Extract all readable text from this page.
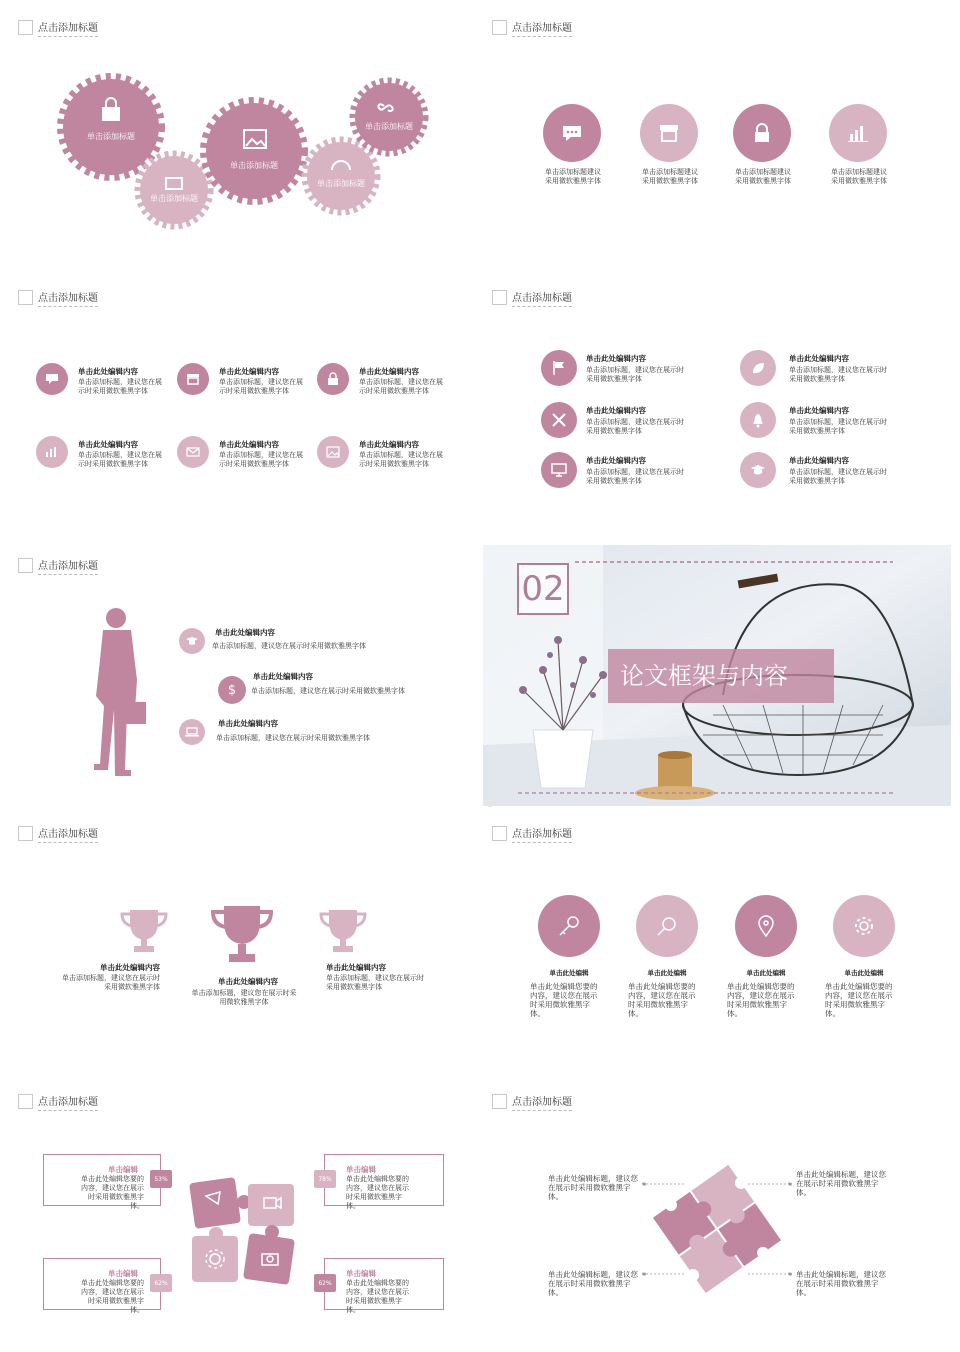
点击添加标题
单击添加标题
单击添加标题
单击添加标题
单击添加标题
单击添加标题
点击添加标题
单击添加标题建议采用微软雅黑字体
单击添加标题建议采用微软雅黑字体
单击添加标题建议采用微软雅黑字体
单击添加标题建议采用微软雅黑字体
点击添加标题
单击此处编辑内容
单击添加标题，建议您在展示时采用微软雅黑字体
单击此处编辑内容
单击添加标题，建议您在展示时采用微软雅黑字体
单击此处编辑内容
单击添加标题，建议您在展示时采用微软雅黑字体
单击此处编辑内容
单击添加标题，建议您在展示时采用微软雅黑字体
单击此处编辑内容
单击添加标题，建议您在展示时采用微软雅黑字体
单击此处编辑内容
单击添加标题，建议您在展示时采用微软雅黑字体
点击添加标题
单击此处编辑内容
单击添加标题，建议您在展示时采用微软雅黑字体
单击此处编辑内容
单击添加标题，建议您在展示时采用微软雅黑字体
单击此处编辑内容
单击添加标题，建议您在展示时采用微软雅黑字体
单击此处编辑内容
单击添加标题，建议您在展示时采用微软雅黑字体
单击此处编辑内容
单击添加标题，建议您在展示时采用微软雅黑字体
单击此处编辑内容
单击添加标题，建议您在展示时采用微软雅黑字体
点击添加标题
单击此处编辑内容
单击添加标题，建议您在展示时采用微软雅黑字体
$
单击此处编辑内容
单击添加标题，建议您在展示时采用微软雅黑字体
单击此处编辑内容
单击添加标题，建议您在展示时采用微软雅黑字体
02
论文框架与内容
点击添加标题
单击此处编辑内容
单击添加标题，建议您在展示时采用微软雅黑字体
单击此处编辑内容
单击添加标题，建议您在展示时采用微软雅黑字体
单击此处编辑内容
单击添加标题，建议您在展示时采用微软雅黑字体
点击添加标题
单击此处编辑
单击此处编辑您要的内容，建议您在展示时采用微软雅黑字体。
单击此处编辑
单击此处编辑您要的内容，建议您在展示时采用微软雅黑字体。
单击此处编辑
单击此处编辑您要的内容，建议您在展示时采用微软雅黑字体。
单击此处编辑
单击此处编辑您要的内容，建议您在展示时采用微软雅黑字体。
点击添加标题
单击编辑
单击此处编辑您要的内容，建议您在展示时采用微软雅黑字体。
53%
单击编辑
单击此处编辑您要的内容，建议您在展示时采用微软雅黑字体。
78%
单击编辑
单击此处编辑您要的内容，建议您在展示时采用微软雅黑字体。
62%
单击编辑
单击此处编辑您要的内容，建议您在展示时采用微软雅黑字体。
62%
点击添加标题
单击此处编辑标题，建议您在展示时采用微软雅黑字体。
单击此处编辑标题，建议您在展示时采用微软雅黑字体。
单击此处编辑标题，建议您在展示时采用微软雅黑字体。
单击此处编辑标题，建议您在展示时采用微软雅黑字体。
